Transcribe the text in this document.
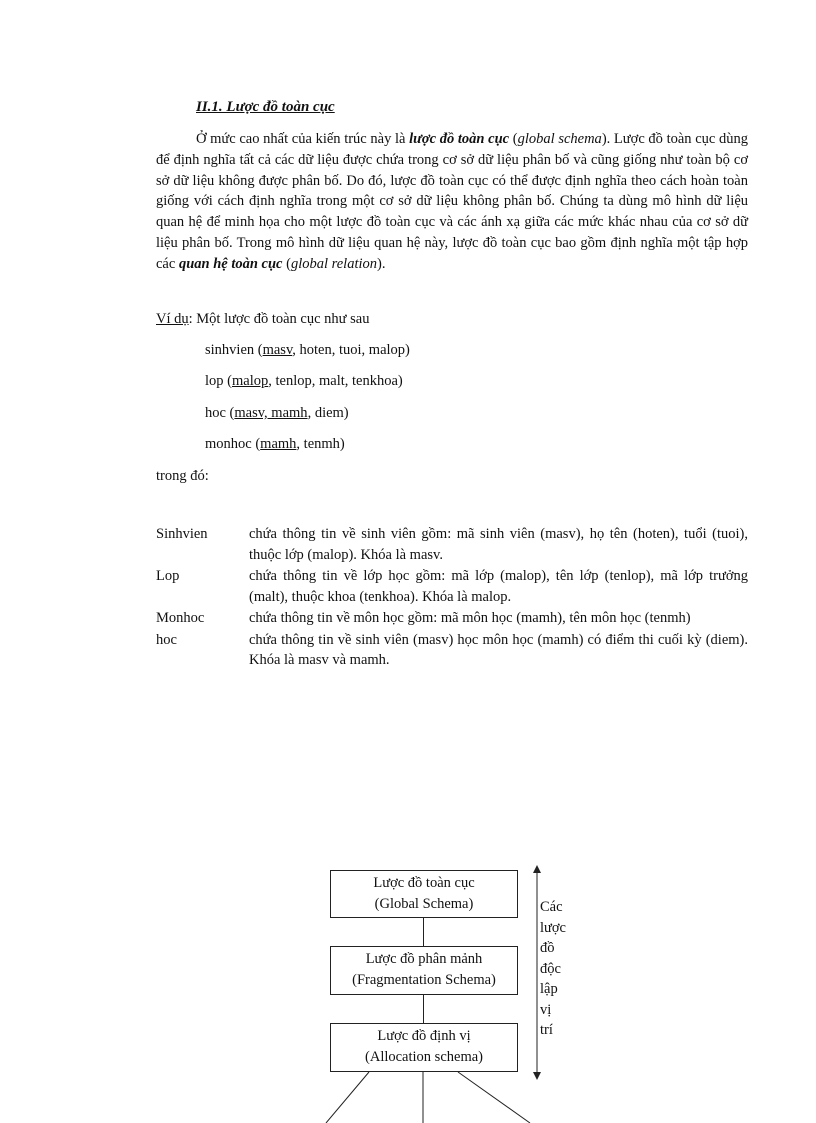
II.1. Lược đồ toàn cục
Ở mức cao nhất của kiến trúc này là lược đồ toàn cục (global schema). Lược đồ toàn cục dùng để định nghĩa tất cả các dữ liệu được chứa trong cơ sở dữ liệu phân bố và cũng giống như toàn bộ cơ sở dữ liệu không được phân bố. Do đó, lược đồ toàn cục có thể được định nghĩa theo cách hoàn toàn giống với cách định nghĩa trong một cơ sở dữ liệu không phân bố. Chúng ta dùng mô hình dữ liệu quan hệ để minh họa cho một lược đồ toàn cục và các ánh xạ giữa các mức khác nhau của cơ sở dữ liệu phân bố. Trong mô hình dữ liệu quan hệ này, lược đồ toàn cục bao gồm định nghĩa một tập hợp các quan hệ toàn cục (global relation).
Ví dụ: Một lược đồ toàn cục như sau
sinhvien (masv, hoten, tuoi, malop)
lop (malop, tenlop, malt, tenkhoa)
hoc (masv, mamh, diem)
monhoc (mamh, tenmh)
trong đó:
Sinhvien	chứa thông tin về sinh viên gồm: mã sinh viên (masv), họ tên (hoten), tuổi (tuoi), thuộc lớp (malop). Khóa là masv.
Lop	chứa thông tin về lớp học gồm: mã lớp (malop), tên lớp (tenlop), mã lớp trưởng (malt), thuộc khoa (tenkhoa). Khóa là malop.
Monhoc	chứa thông tin về môn học gồm: mã môn học (mamh), tên môn học (tenmh)
hoc	chứa thông tin về sinh viên (masv) học môn học (mamh) có điểm thi cuối kỳ (diem). Khóa là masv và mamh.
Lược đồ toàn cục
(Global Schema)
Lược đồ phân mảnh
(Fragmentation Schema)
Lược đồ định vị
(Allocation schema)
Các
lược
đồ
độc
lập
vị
trí
